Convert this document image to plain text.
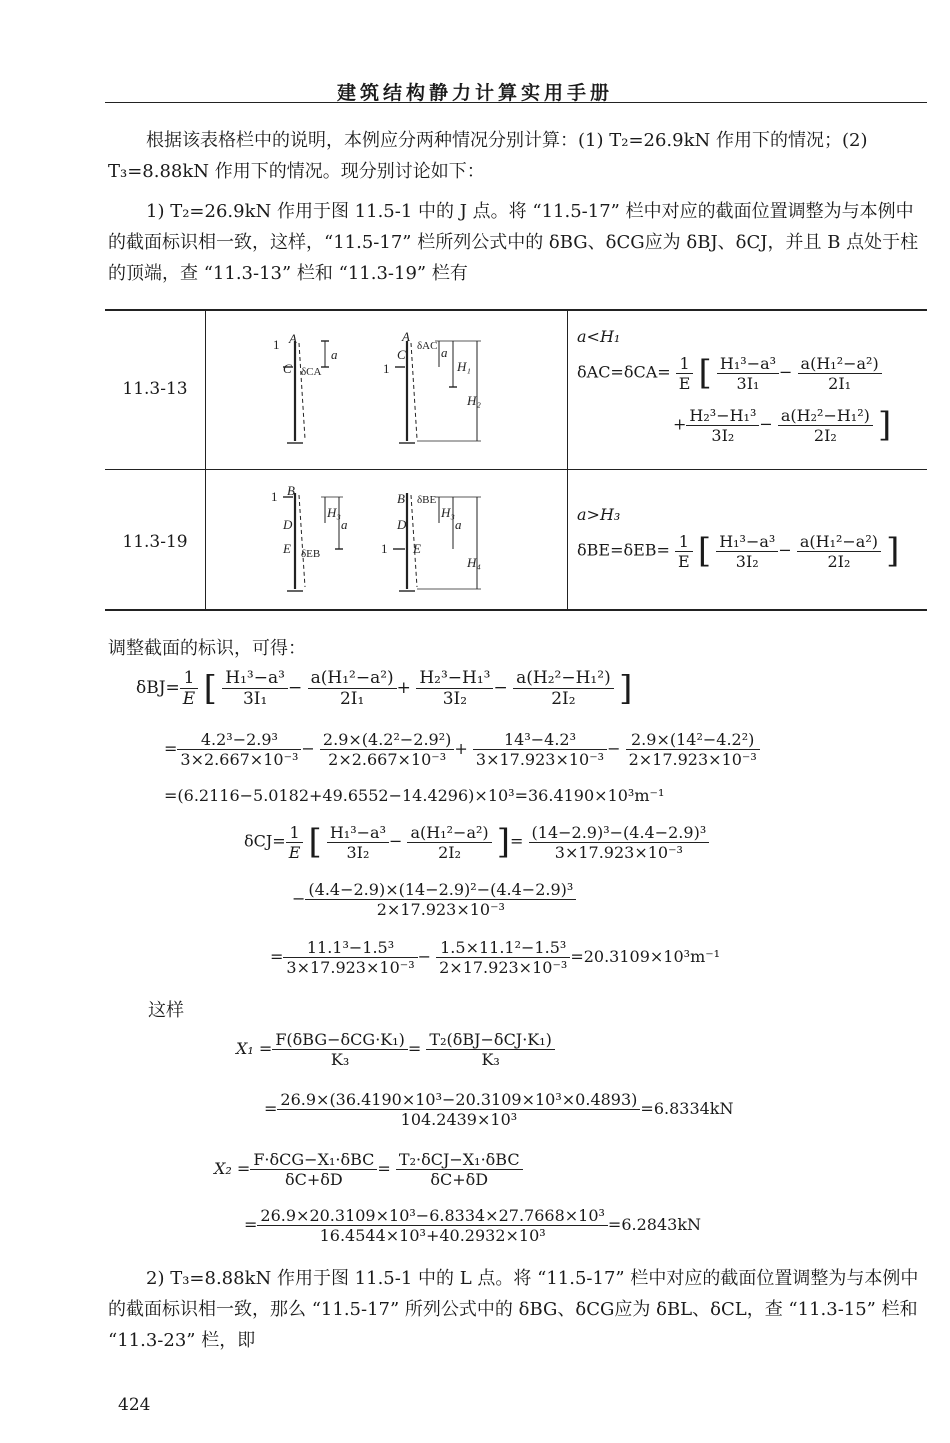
建筑结构静力计算实用手册
根据该表格栏中的说明，本例应分两种情况分别计算：(1) T₂=26.9kN 作用下的情况；(2) T₃=8.88kN 作用下的情况。现分别讨论如下：
1) T₂=26.9kN 作用于图 11.5-1 中的 J 点。将 “11.5-17” 栏中对应的截面位置调整为与本例中的截面标识相一致，这样，“11.5-17” 栏所列公式中的 δBG、δCG应为 δBJ、δCJ，并且 B 点处于柱的顶端，查 “11.3-13” 栏和 “11.3-19” 栏有
11.3-13
11.3-19
1 A
C δCA
a
A
δAC
1
C	a
H₁
H₂
1 B
D
E δEB
H₃
a
B δBE
D
1 E
H₃
a
H₄
a<H₁
$\delta AC=\delta CA= \frac{1}{E}$ [ $\frac{\text{H₁³−a³}}{\text{3I₁}} - \frac{\text{a(H₁²−a²)}}{\text{2I₁}}$
+ $\frac{\text{H₂³−H₁³}}{\text{3I₂}} - \frac{\text{a(H₂²−H₁²)}}{\text{2I₂}}$ ]
a>H₃
$\delta BE=\delta EB= \frac{1}{E}$ [ $\frac{\text{H₁³−a³}}{\text{3I₂}} - \frac{\text{a(H₁²−a²)}}{\text{2I₂}}$ ]
调整截面的标识，可得：
$\delta BJ= \frac{1}{E}$ [ $\frac{\text{H₁³−a³}}{\text{3I₁}} - \frac{\text{a(H₁²−a²)}}{\text{2I₁}} + \frac{\text{H₂³−H₁³}}{\text{3I₂}} - \frac{\text{a(H₂²−H₁²)}}{\text{2I₂}}$ ]
= $\frac{\text{4.2³−2.9³}}{\text{3×2.667×10⁻³}} - \frac{\text{2.9×(4.2²−2.9²)}}{\text{2×2.667×10⁻³}} + \frac{\text{14³−4.2³}}{\text{3×17.923×10⁻³}} - \frac{\text{2.9×(14²−4.2²)}}{\text{2×17.923×10⁻³}}$
=(6.2116−5.0182+49.6552−14.4296)×10³=36.4190×10³m⁻¹
$\delta CJ= \frac{1}{E}$ [ $\frac{\text{H₁³−a³}}{\text{3I₂}} - \frac{\text{a(H₁²−a²)}}{\text{2I₂}}$ ]= $\frac{\text{(14−2.9)³−(4.4−2.9)³}}{\text{3×17.923×10⁻³}}$
− $\frac{\text{(4.4−2.9)×(14−2.9)²−(4.4−2.9)³}}{\text{2×17.923×10⁻³}}$
= $\frac{\text{11.1³−1.5³}}{\text{3×17.923×10⁻³}} - \frac{\text{1.5×11.1²−1.5³}}{\text{2×17.923×10⁻³}} =20.3109\times 10^3m^{-1}$
这样
$X_1 = \frac{\text{F(δBG−δCG·K₁)}}{\text{K₃}} = \frac{\text{T₂(δBJ−δCJ·K₁)}}{\text{K₃}}$
= $\frac{\text{26.9×(36.4190×10³−20.3109×10³×0.4893)}}{\text{104.2439×10³}} =6.8334kN$
$X_2 = \frac{\text{F·δCG−X₁·δBC}}{\delta C+\delta D} = \frac{\text{T₂·δCJ−X₁·δBC}}{\delta C+\delta D}$
= $\frac{\text{26.9×20.3109×10³−6.8334×27.7668×10³}}{\text{16.4544×10³+40.2932×10³}} =6.2843kN$
2) T₃=8.88kN 作用于图 11.5-1 中的 L 点。将 “11.5-17” 栏中对应的截面位置调整为与本例中的截面标识相一致，那么 “11.5-17” 所列公式中的 δBG、δCG应为 δBL、δCL，查 “11.3-15” 栏和 “11.3-23” 栏，即
424
